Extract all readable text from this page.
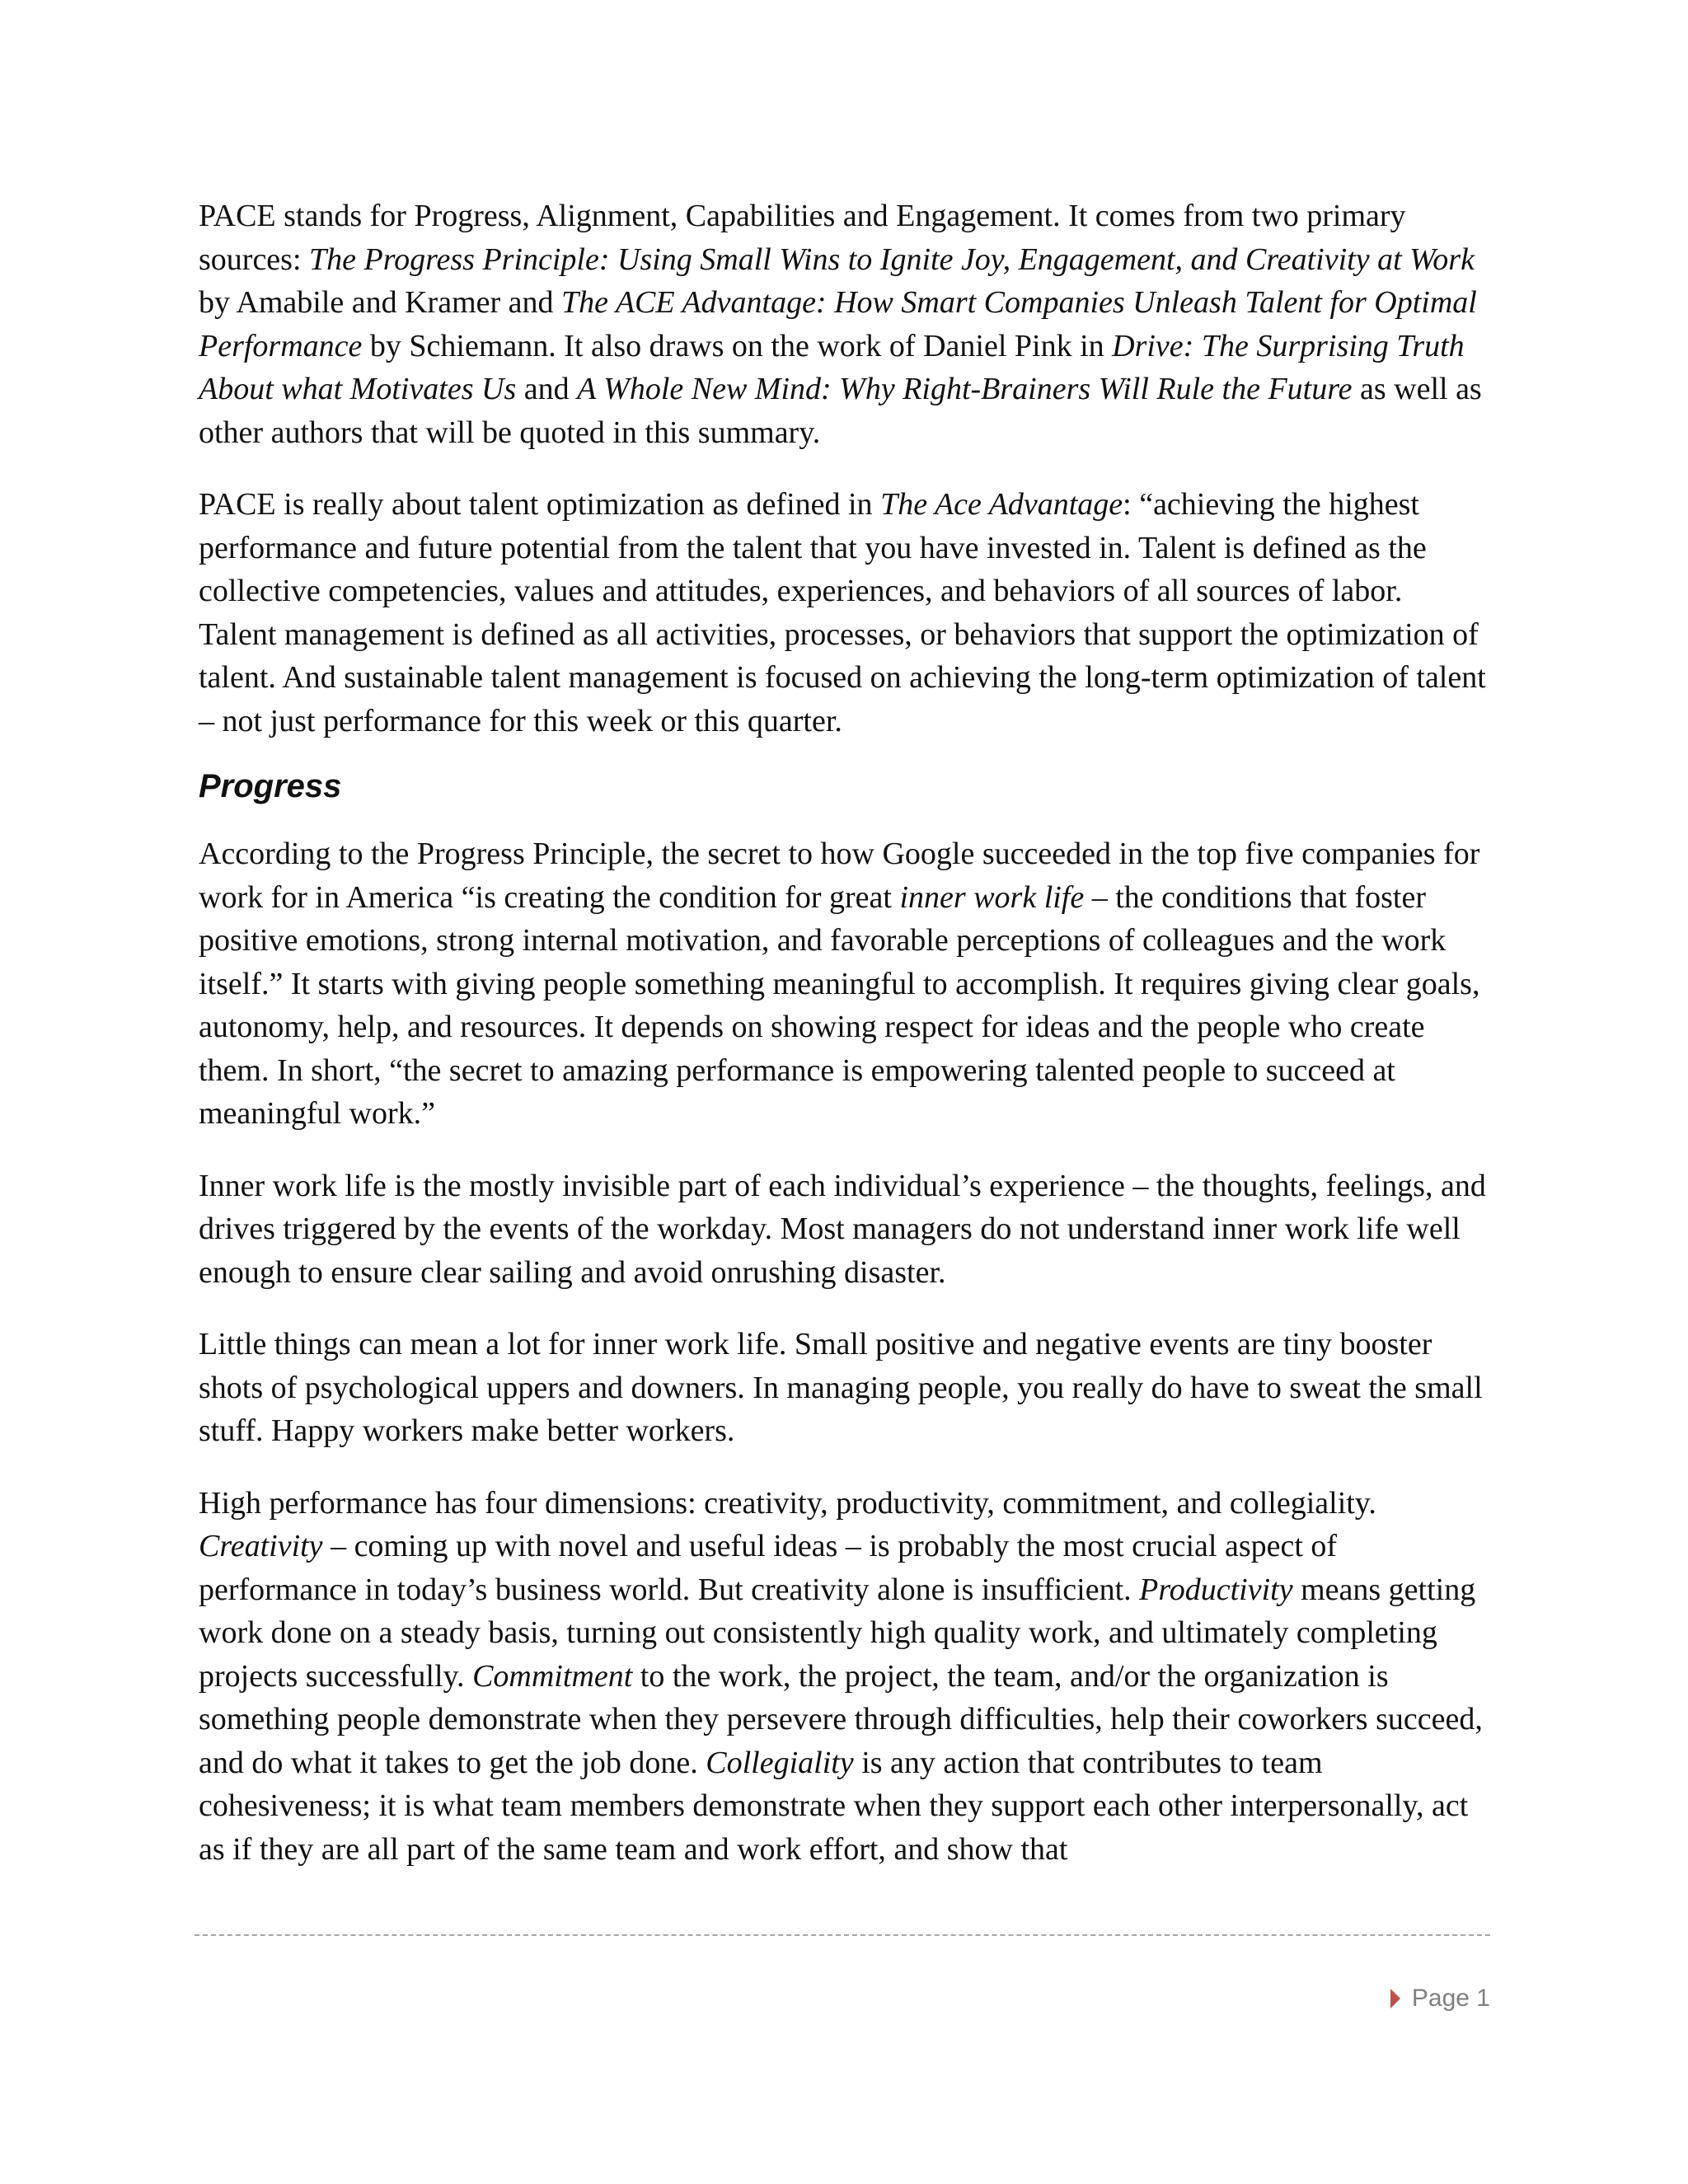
PACE stands for Progress, Alignment, Capabilities and Engagement. It comes from two primary sources: The Progress Principle: Using Small Wins to Ignite Joy, Engagement, and Creativity at Work by Amabile and Kramer and The ACE Advantage: How Smart Companies Unleash Talent for Optimal Performance by Schiemann. It also draws on the work of Daniel Pink in Drive: The Surprising Truth About what Motivates Us and A Whole New Mind: Why Right-Brainers Will Rule the Future as well as other authors that will be quoted in this summary.

PACE is really about talent optimization as defined in The Ace Advantage: “achieving the highest performance and future potential from the talent that you have invested in. Talent is defined as the collective competencies, values and attitudes, experiences, and behaviors of all sources of labor. Talent management is defined as all activities, processes, or behaviors that support the optimization of talent. And sustainable talent management is focused on achieving the long-term optimization of talent – not just performance for this week or this quarter.

Progress

According to the Progress Principle, the secret to how Google succeeded in the top five companies for work for in America “is creating the condition for great inner work life – the conditions that foster positive emotions, strong internal motivation, and favorable perceptions of colleagues and the work itself.” It starts with giving people something meaningful to accomplish. It requires giving clear goals, autonomy, help, and resources. It depends on showing respect for ideas and the people who create them. In short, “the secret to amazing performance is empowering talented people to succeed at meaningful work.”

Inner work life is the mostly invisible part of each individual’s experience – the thoughts, feelings, and drives triggered by the events of the workday. Most managers do not understand inner work life well enough to ensure clear sailing and avoid onrushing disaster.

Little things can mean a lot for inner work life. Small positive and negative events are tiny booster shots of psychological uppers and downers. In managing people, you really do have to sweat the small stuff. Happy workers make better workers.

High performance has four dimensions: creativity, productivity, commitment, and collegiality. Creativity – coming up with novel and useful ideas – is probably the most crucial aspect of performance in today’s business world. But creativity alone is insufficient. Productivity means getting work done on a steady basis, turning out consistently high quality work, and ultimately completing projects successfully. Commitment to the work, the project, the team, and/or the organization is something people demonstrate when they persevere through difficulties, help their coworkers succeed, and do what it takes to get the job done. Collegiality is any action that contributes to team cohesiveness; it is what team members demonstrate when they support each other interpersonally, act as if they are all part of the same team and work effort, and show that

Page 1
